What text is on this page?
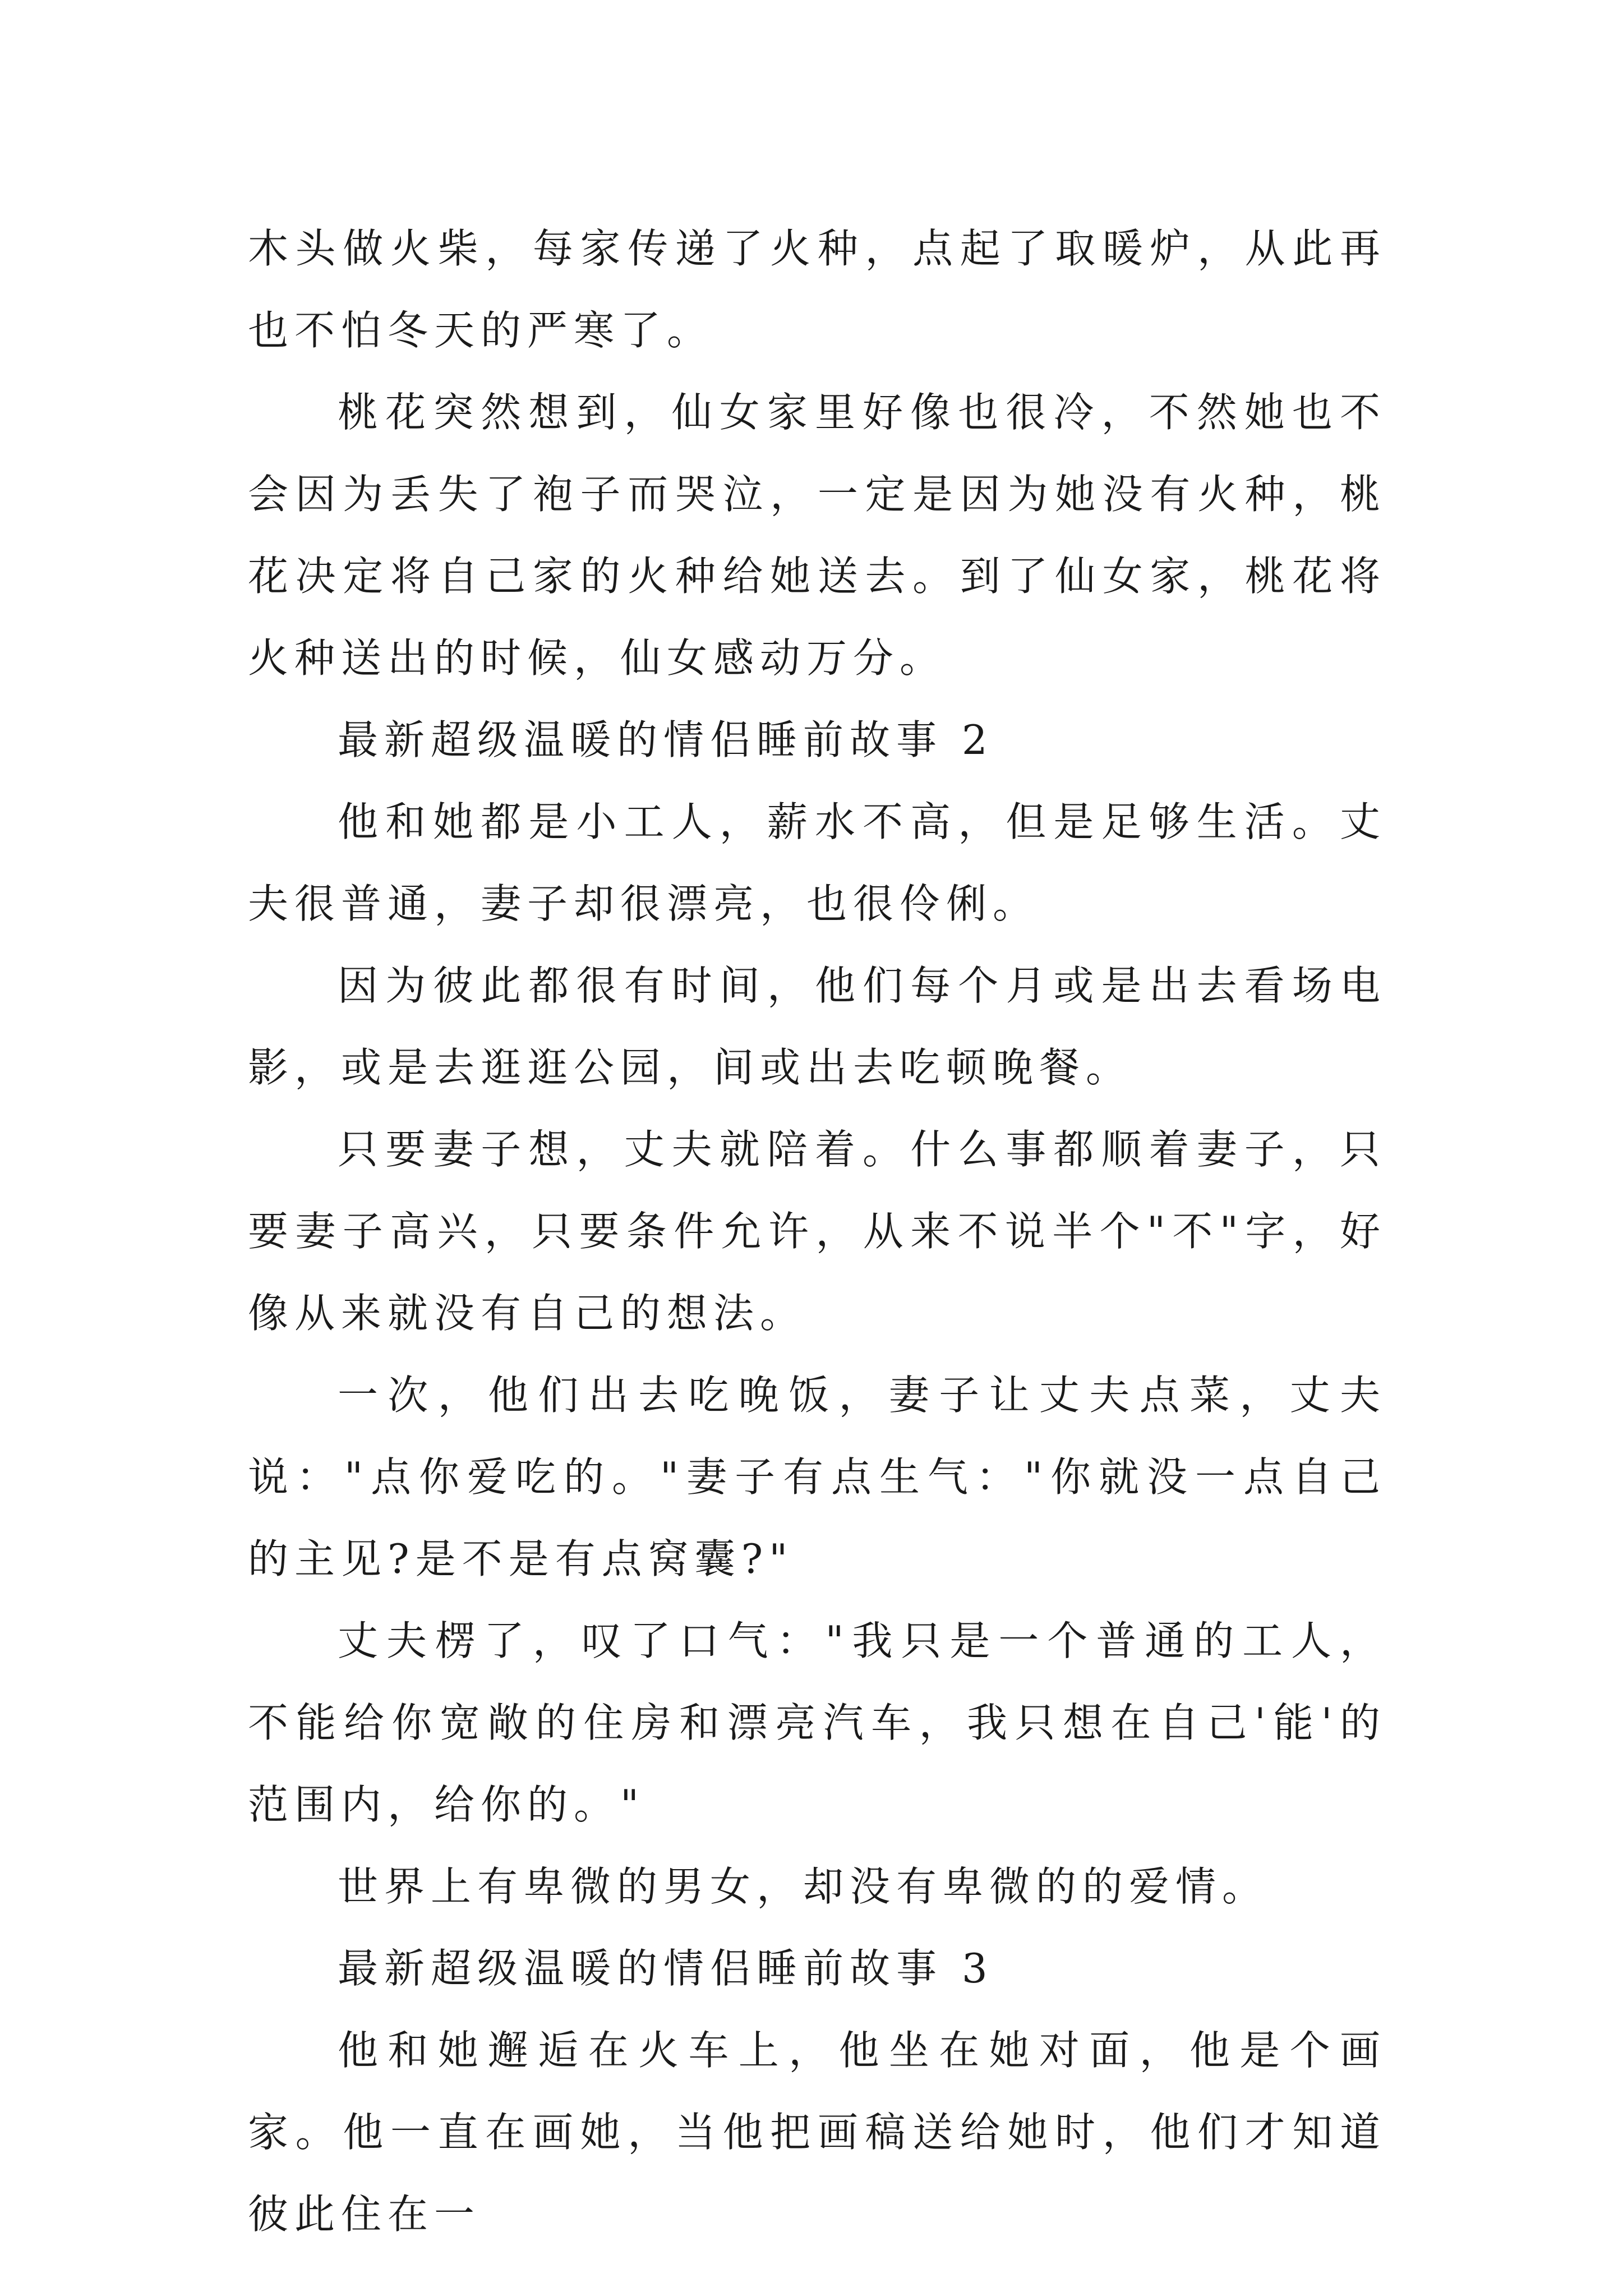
木头做火柴，每家传递了火种，点起了取暖炉，从此再也不怕冬天的严寒了。

桃花突然想到，仙女家里好像也很冷，不然她也不会因为丢失了袍子而哭泣，一定是因为她没有火种，桃花决定将自己家的火种给她送去。到了仙女家，桃花将火种送出的时候，仙女感动万分。

最新超级温暖的情侣睡前故事 2

他和她都是小工人，薪水不高，但是足够生活。丈夫很普通，妻子却很漂亮，也很伶俐。

因为彼此都很有时间，他们每个月或是出去看场电影，或是去逛逛公园，间或出去吃顿晚餐。

只要妻子想，丈夫就陪着。什么事都顺着妻子，只要妻子高兴，只要条件允许，从来不说半个"不"字，好像从来就没有自己的想法。

一次，他们出去吃晚饭，妻子让丈夫点菜，丈夫说："点你爱吃的。"妻子有点生气："你就没一点自己的主见?是不是有点窝囊?"

丈夫楞了，叹了口气："我只是一个普通的工人，不能给你宽敞的住房和漂亮汽车，我只想在自己'能'的范围内，给你的。"

世界上有卑微的男女，却没有卑微的的爱情。

最新超级温暖的情侣睡前故事 3

他和她邂逅在火车上，他坐在她对面，他是个画家。他一直在画她，当他把画稿送给她时，他们才知道彼此住在一
